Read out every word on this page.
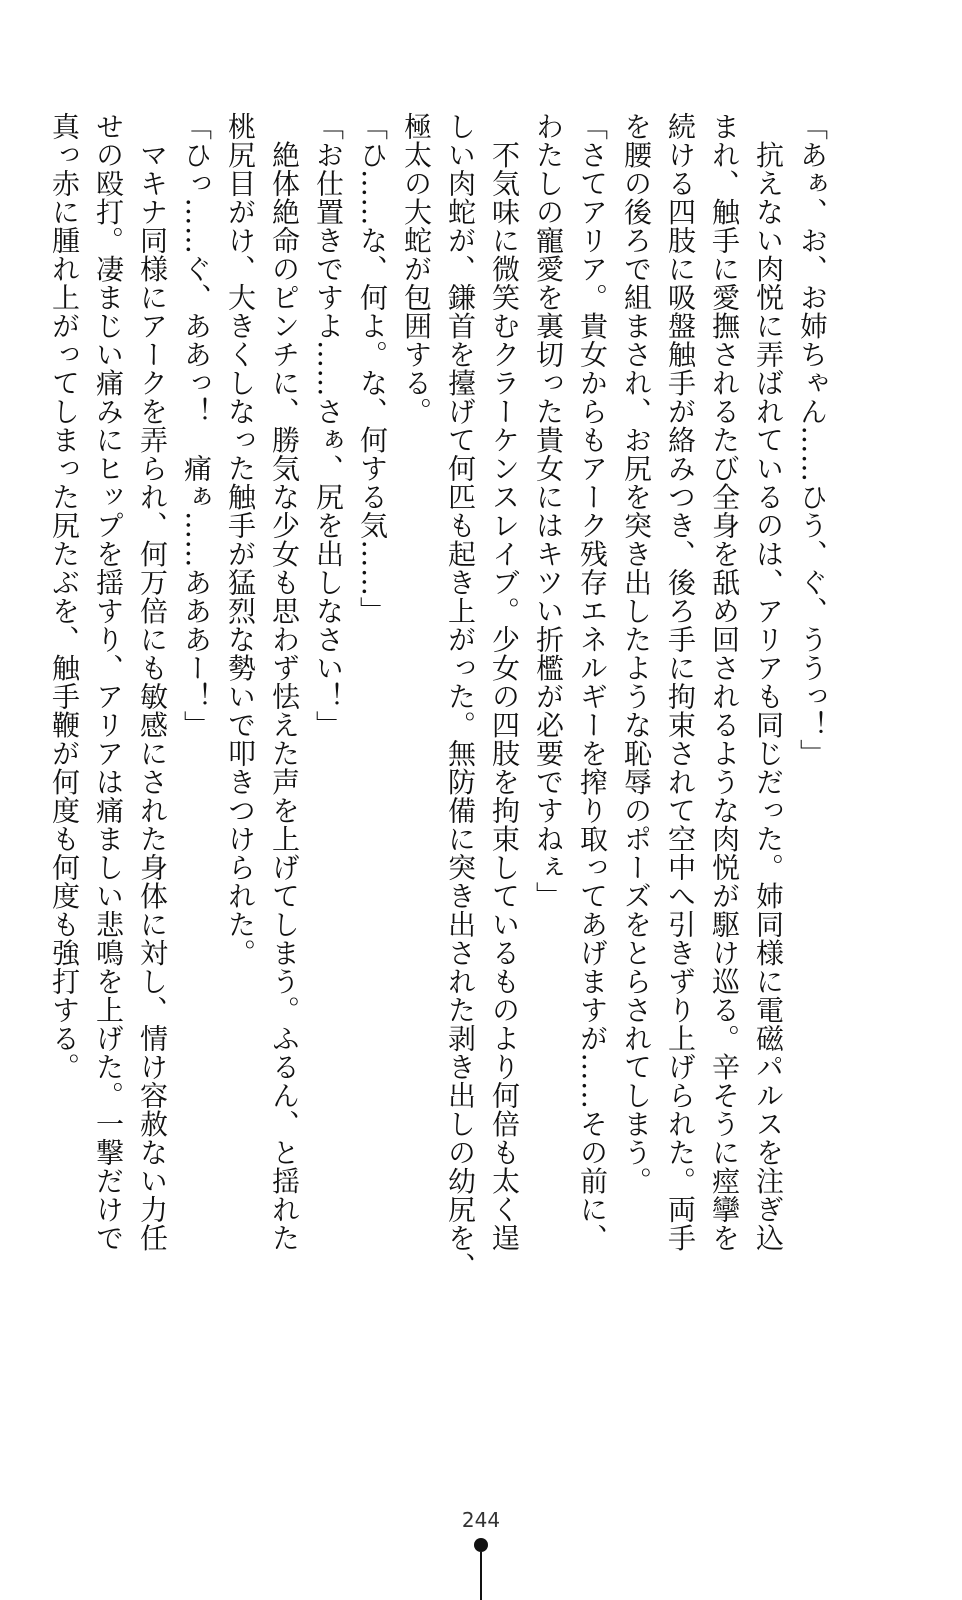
「あぁ、お、お姉ちゃん……ひう、ぐ、ううっ！」

　抗えない肉悦に弄ばれているのは、アリアも同じだった。姉同様に電磁パルスを注ぎ込

まれ、触手に愛撫されるたび全身を舐め回されるような肉悦が駆け巡る。辛そうに痙攣を

続ける四肢に吸盤触手が絡みつき、後ろ手に拘束されて空中へ引きずり上げられた。両手

を腰の後ろで組まされ、お尻を突き出したような恥辱のポーズをとらされてしまう。

「さてアリア。貴女からもアーク残存エネルギーを搾り取ってあげますが……その前に、

わたしの寵愛を裏切った貴女にはキツい折檻が必要ですねぇ」

　不気味に微笑むクラーケンスレイブ。少女の四肢を拘束しているものより何倍も太く逞

しい肉蛇が、鎌首を擡げて何匹も起き上がった。無防備に突き出された剥き出しの幼尻を、

極太の大蛇が包囲する。

「ひ……な、何よ。な、何する気……」

「お仕置きですよ……さぁ、尻を出しなさい！」

　絶体絶命のピンチに、勝気な少女も思わず怯えた声を上げてしまう。ふるん、と揺れた

桃尻目がけ、大きくしなった触手が猛烈な勢いで叩きつけられた。

「ひっ……ぐ、ああっ！　痛ぁ……あああー！」

　マキナ同様にアークを弄られ、何万倍にも敏感にされた身体に対し、情け容赦ない力任

せの殴打。凄まじい痛みにヒップを揺すり、アリアは痛ましい悲鳴を上げた。一撃だけで

真っ赤に腫れ上がってしまった尻たぶを、触手鞭が何度も何度も強打する。

244
